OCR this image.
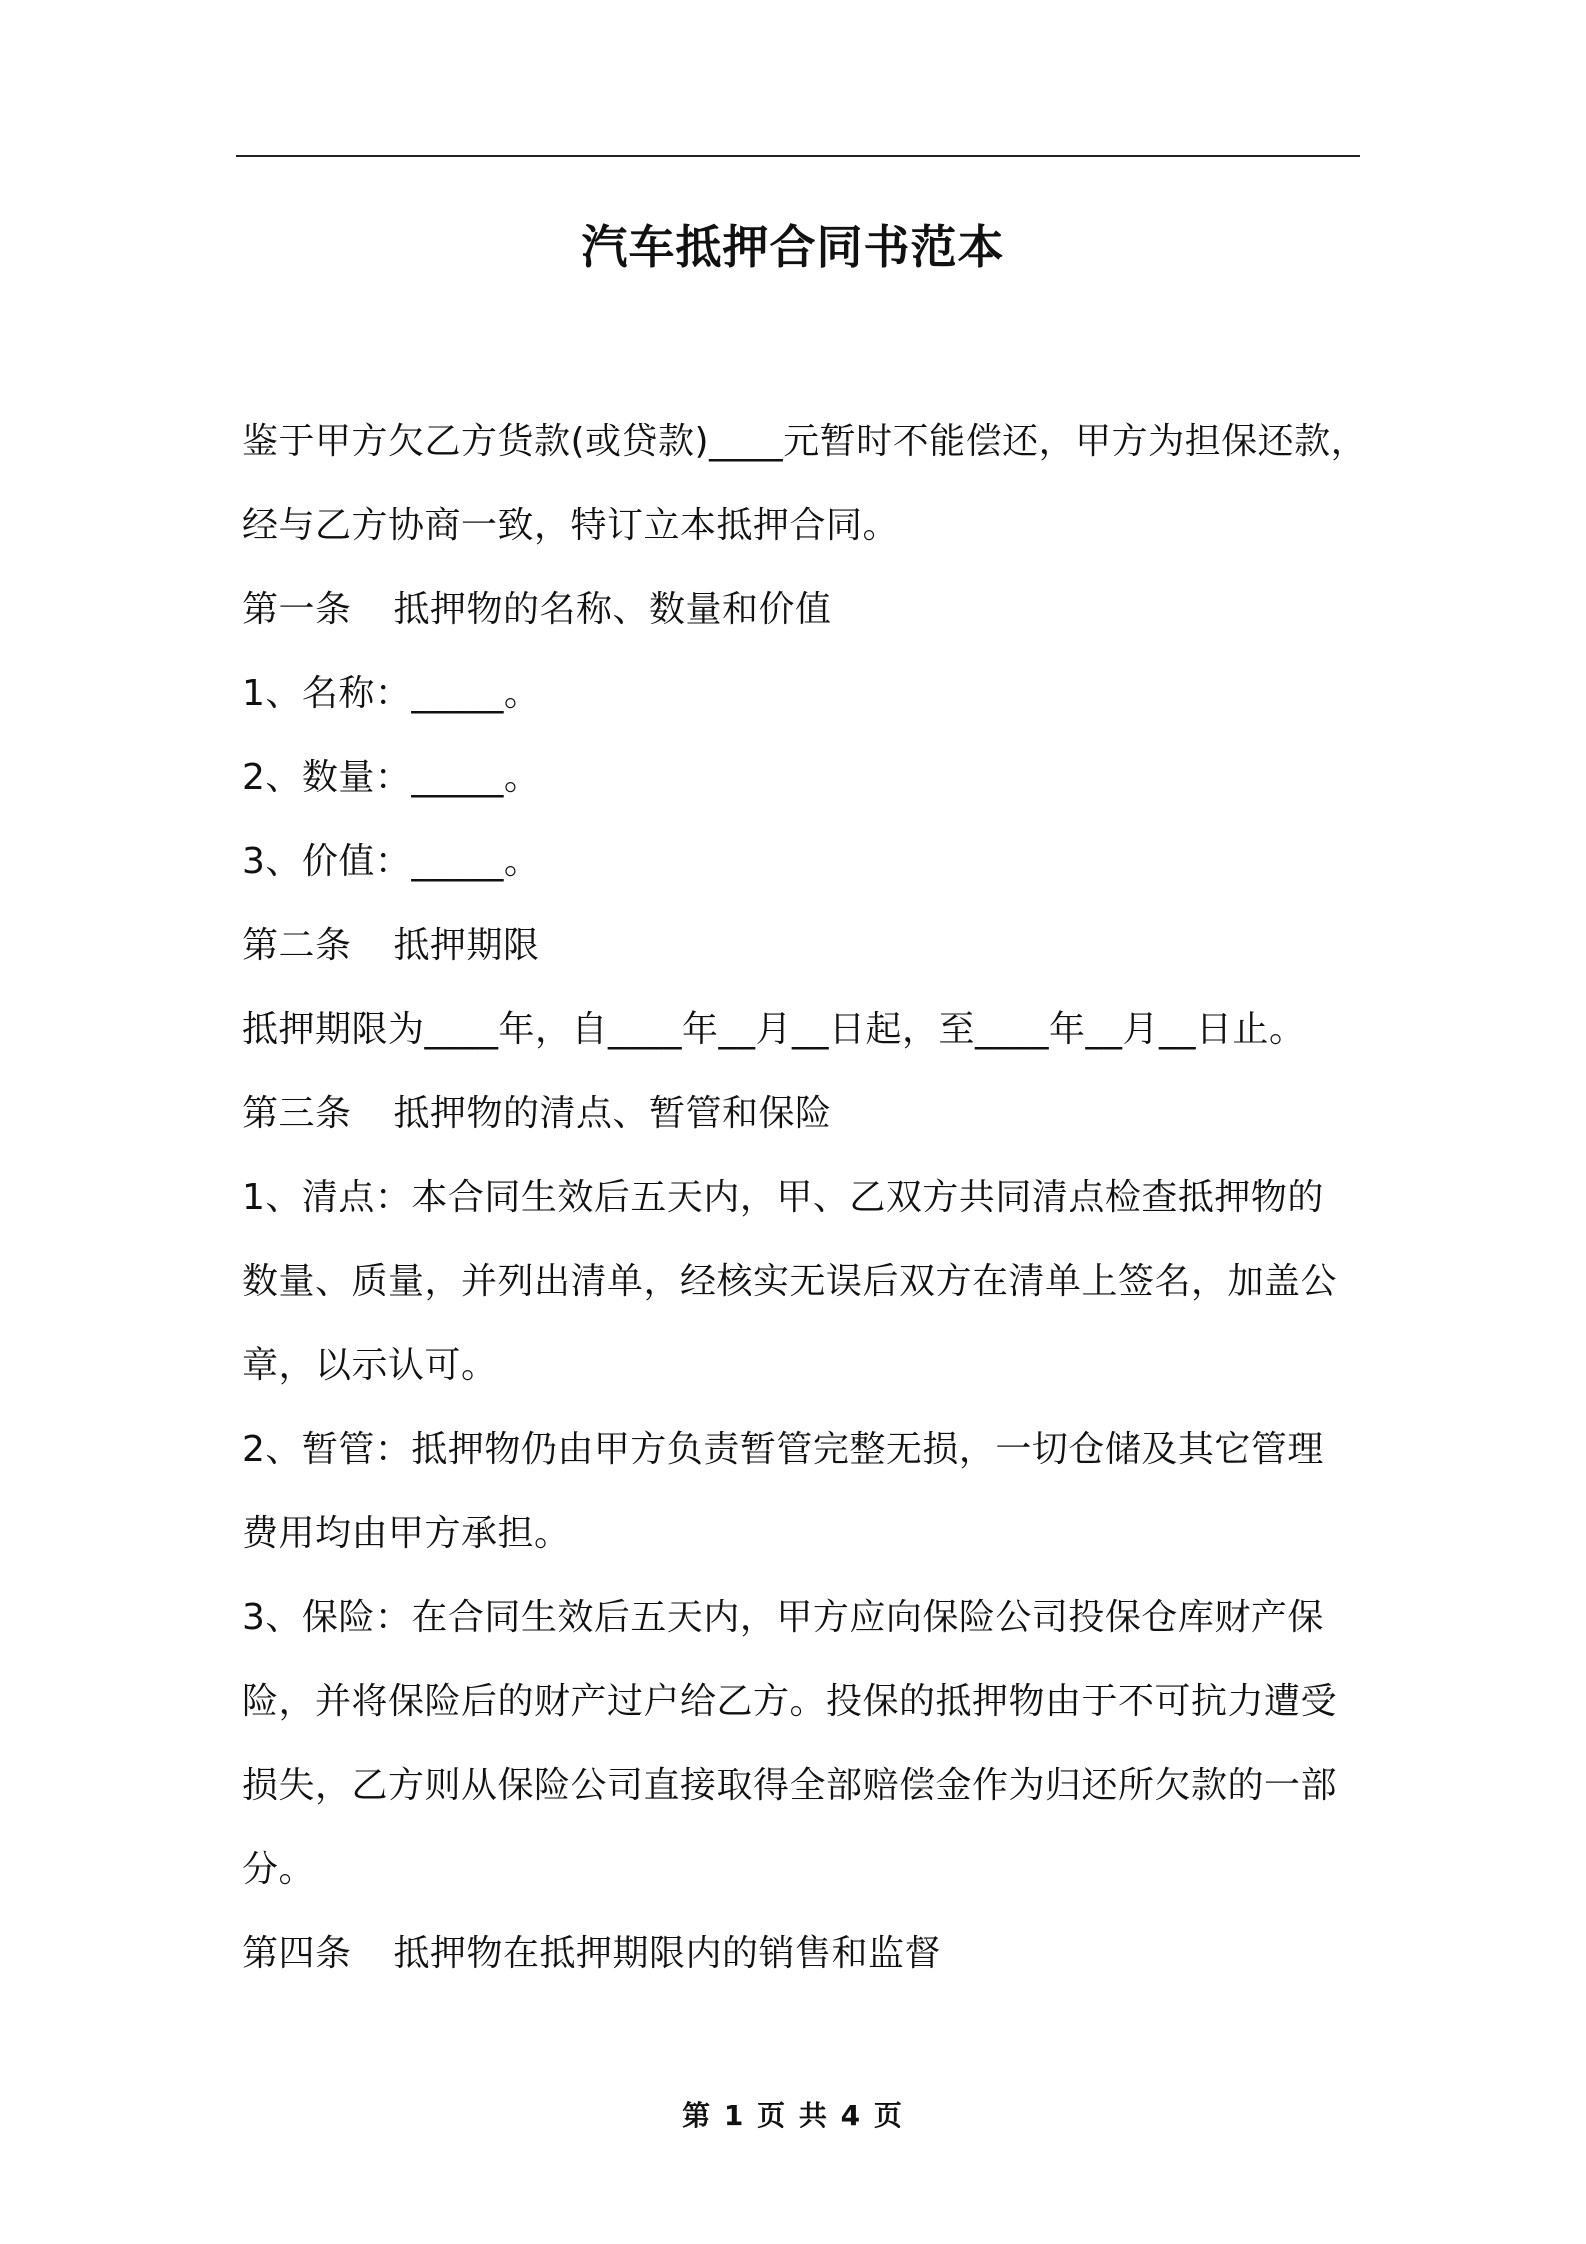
汽车抵押合同书范本
鉴于甲方欠乙方货款(或贷款)____元暂时不能偿还，甲方为担保还款，
经与乙方协商一致，特订立本抵押合同。
第一条 抵押物的名称、数量和价值
1、名称：_____。
2、数量：_____。
3、价值：_____。
第二条 抵押期限
抵押期限为____年，自____年__月__日起，至____年__月__日止。
第三条 抵押物的清点、暂管和保险
1、清点：本合同生效后五天内，甲、乙双方共同清点检查抵押物的
数量、质量，并列出清单，经核实无误后双方在清单上签名，加盖公
章，以示认可。
2、暂管：抵押物仍由甲方负责暂管完整无损，一切仓储及其它管理
费用均由甲方承担。
3、保险：在合同生效后五天内，甲方应向保险公司投保仓库财产保
险，并将保险后的财产过户给乙方。投保的抵押物由于不可抗力遭受
损失，乙方则从保险公司直接取得全部赔偿金作为归还所欠款的一部
分。
第四条 抵押物在抵押期限内的销售和监督
第 1 页 共 4 页
